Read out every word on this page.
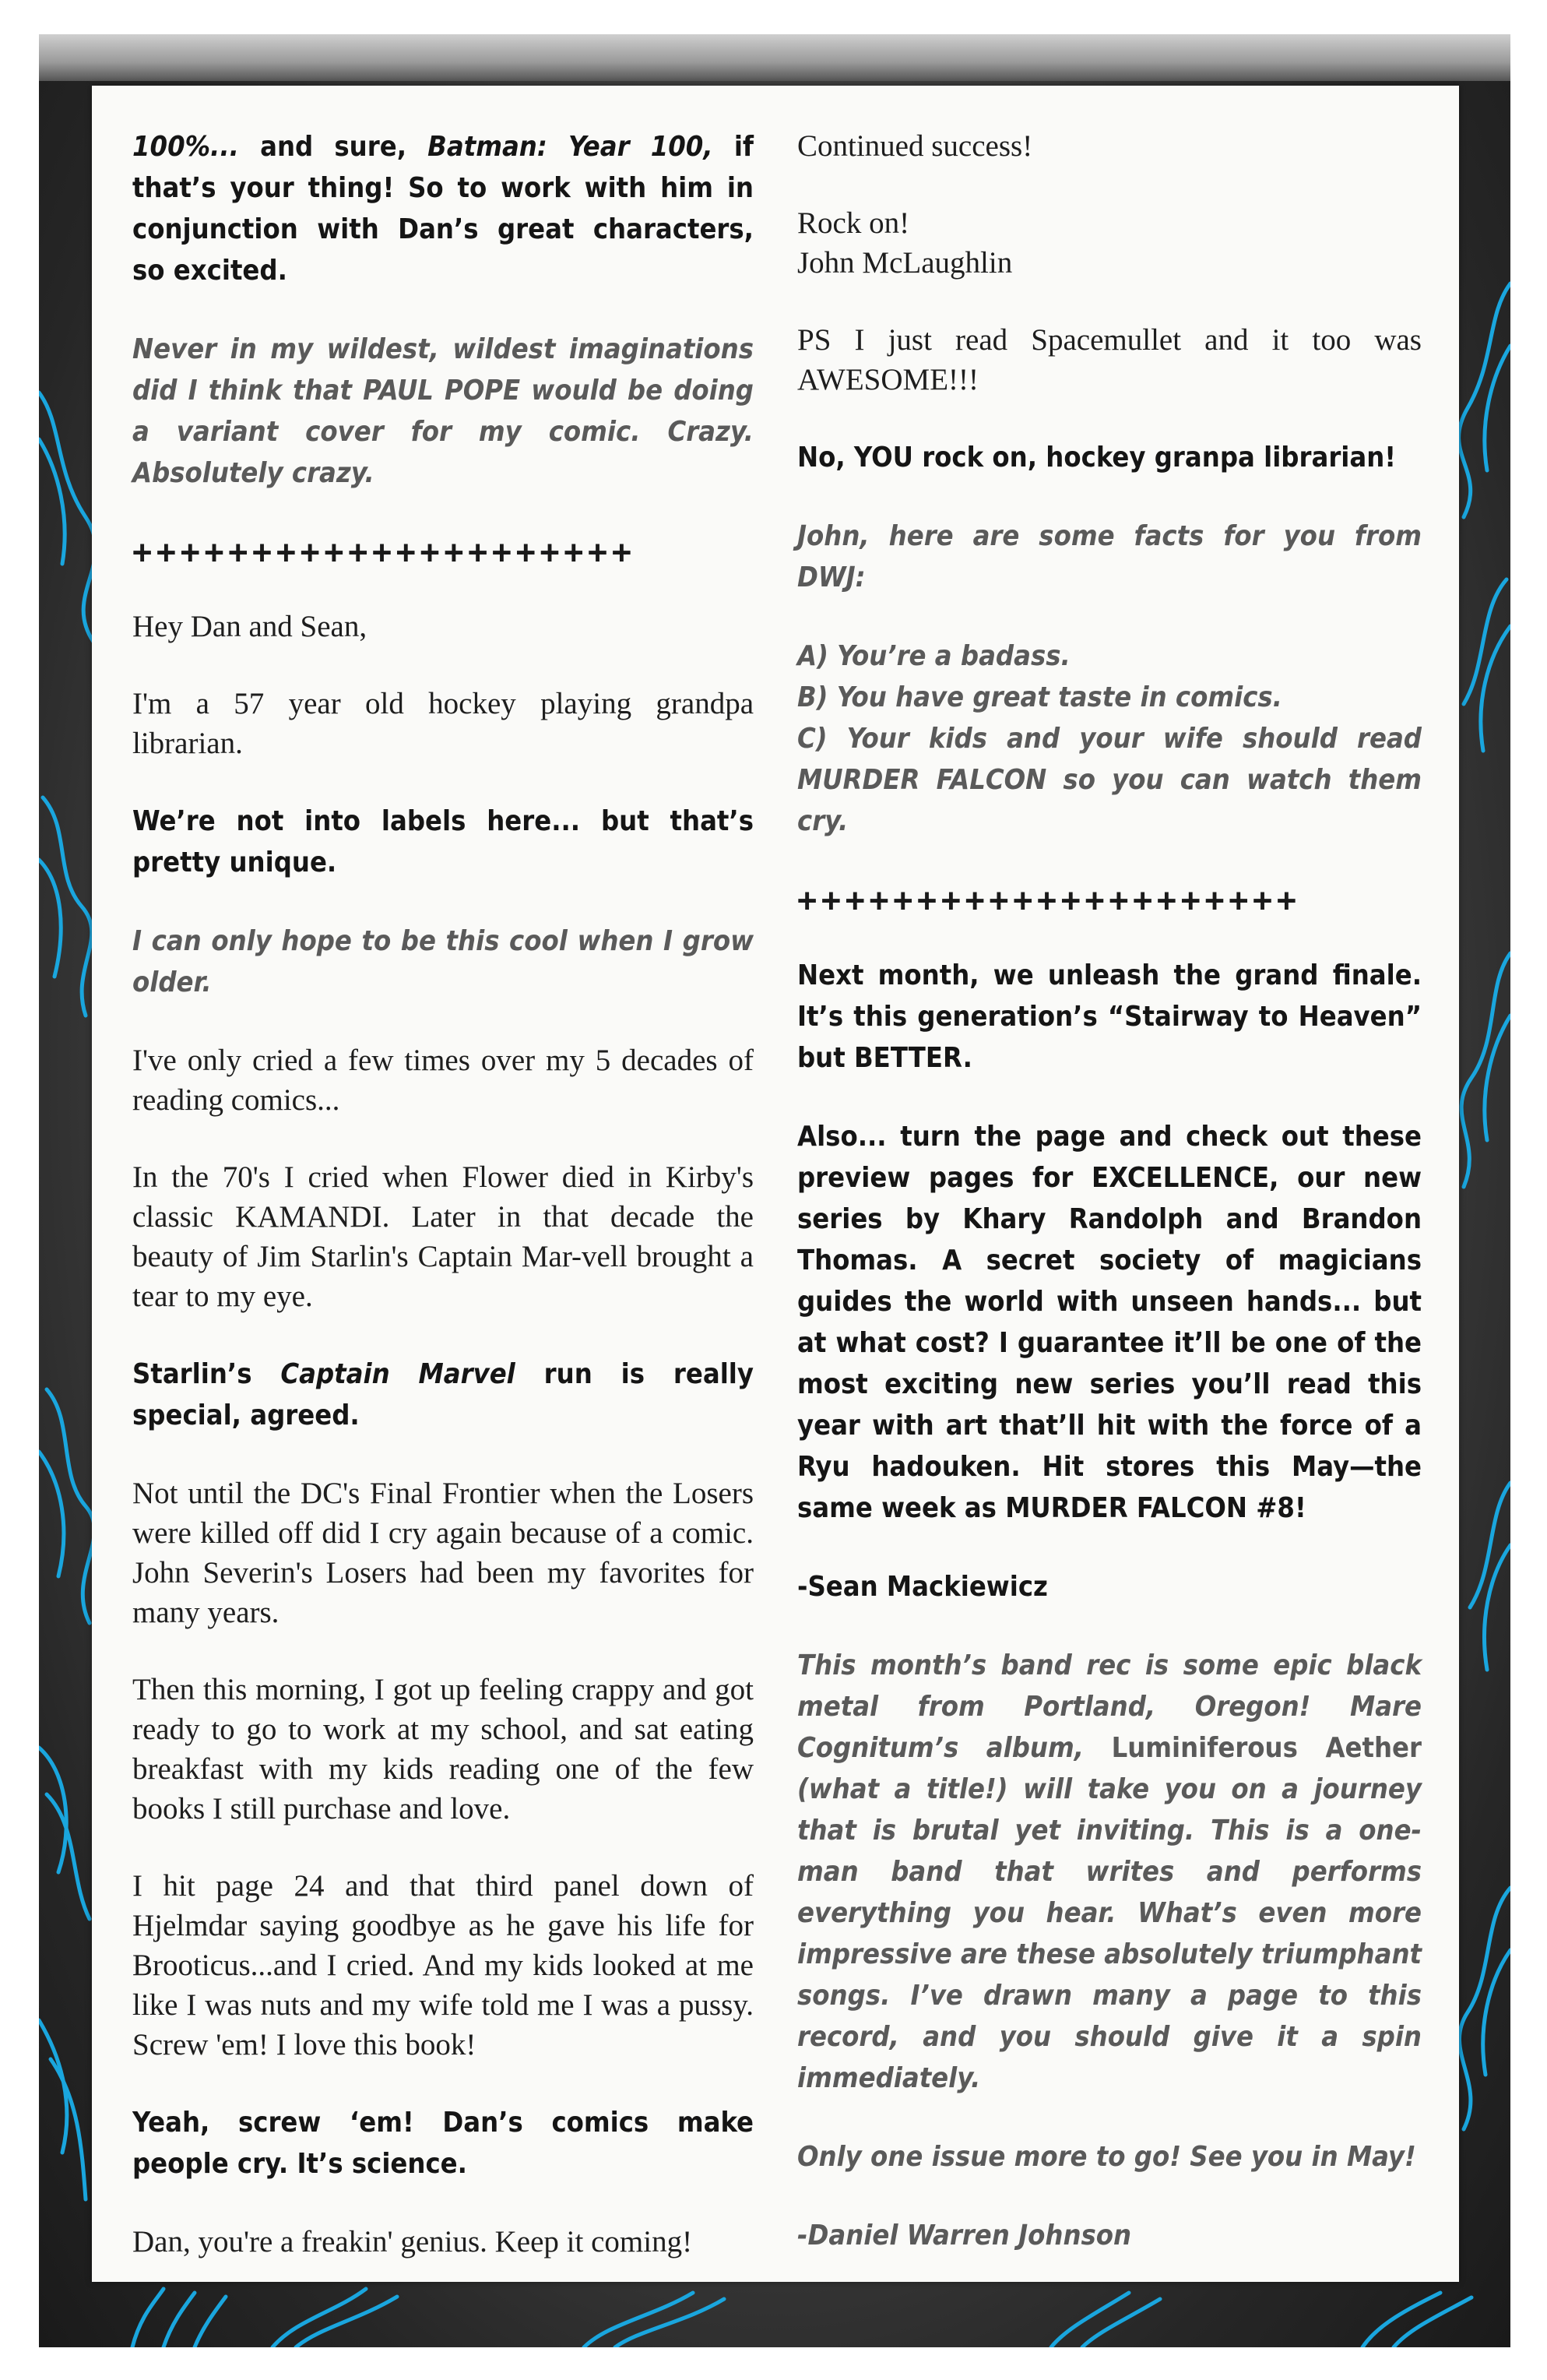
100%... and sure, Batman: Year 100, if that’s your thing! So to work with him in conjunction with Dan’s great characters, so excited.

Never in my wildest, wildest imaginations did I think that PAUL POPE would be doing a variant cover for my comic. Crazy. Absolutely crazy.

+++++++++++++++++++++

Hey Dan and Sean,

I'm a 57 year old hockey playing grandpa librarian.

We’re not into labels here... but that’s pretty unique.

I can only hope to be this cool when I grow older.

I've only cried a few times over my 5 decades of reading comics...

In the 70's I cried when Flower died in Kirby's classic KAMANDI. Later in that decade the beauty of Jim Starlin's Captain Mar-vell brought a tear to my eye.

Starlin’s Captain Marvel run is really special, agreed.

Not until the DC's Final Frontier when the Losers were killed off did I cry again because of a comic. John Severin's Losers had been my favorites for many years.

Then this morning, I got up feeling crappy and got ready to go to work at my school, and sat eating breakfast with my kids reading one of the few books I still purchase and love.

I hit page 24 and that third panel down of Hjelmdar saying goodbye as he gave his life for Brooticus...and I cried. And my kids looked at me like I was nuts and my wife told me I was a pussy. Screw 'em! I love this book!

Yeah, screw ‘em! Dan’s comics make people cry. It’s science.

Dan, you're a freakin' genius. Keep it coming!

Continued success!

Rock on!
John McLaughlin

PS I just read Spacemullet and it too was AWESOME!!!

No, YOU rock on, hockey granpa librarian!

John, here are some facts for you from DWJ:

A) You’re a badass.
B) You have great taste in comics.
C) Your kids and your wife should read MURDER FALCON so you can watch them cry.

+++++++++++++++++++++

Next month, we unleash the grand finale. It’s this generation’s “Stairway to Heaven” but BETTER.

Also... turn the page and check out these preview pages for EXCELLENCE, our new series by Khary Randolph and Brandon Thomas. A secret society of magicians guides the world with unseen hands... but at what cost? I guarantee it’ll be one of the most exciting new series you’ll read this year with art that’ll hit with the force of a Ryu hadouken. Hit stores this May—the same week as MURDER FALCON #8!

-Sean Mackiewicz

This month’s band rec is some epic black metal from Portland, Oregon! Mare Cognitum’s album, Luminiferous Aether (what a title!) will take you on a journey that is brutal yet inviting. This is a one-man band that writes and performs everything you hear. What’s even more impressive are these absolutely triumphant songs. I’ve drawn many a page to this record, and you should give it a spin immediately.

Only one issue more to go! See you in May!

-Daniel Warren Johnson
